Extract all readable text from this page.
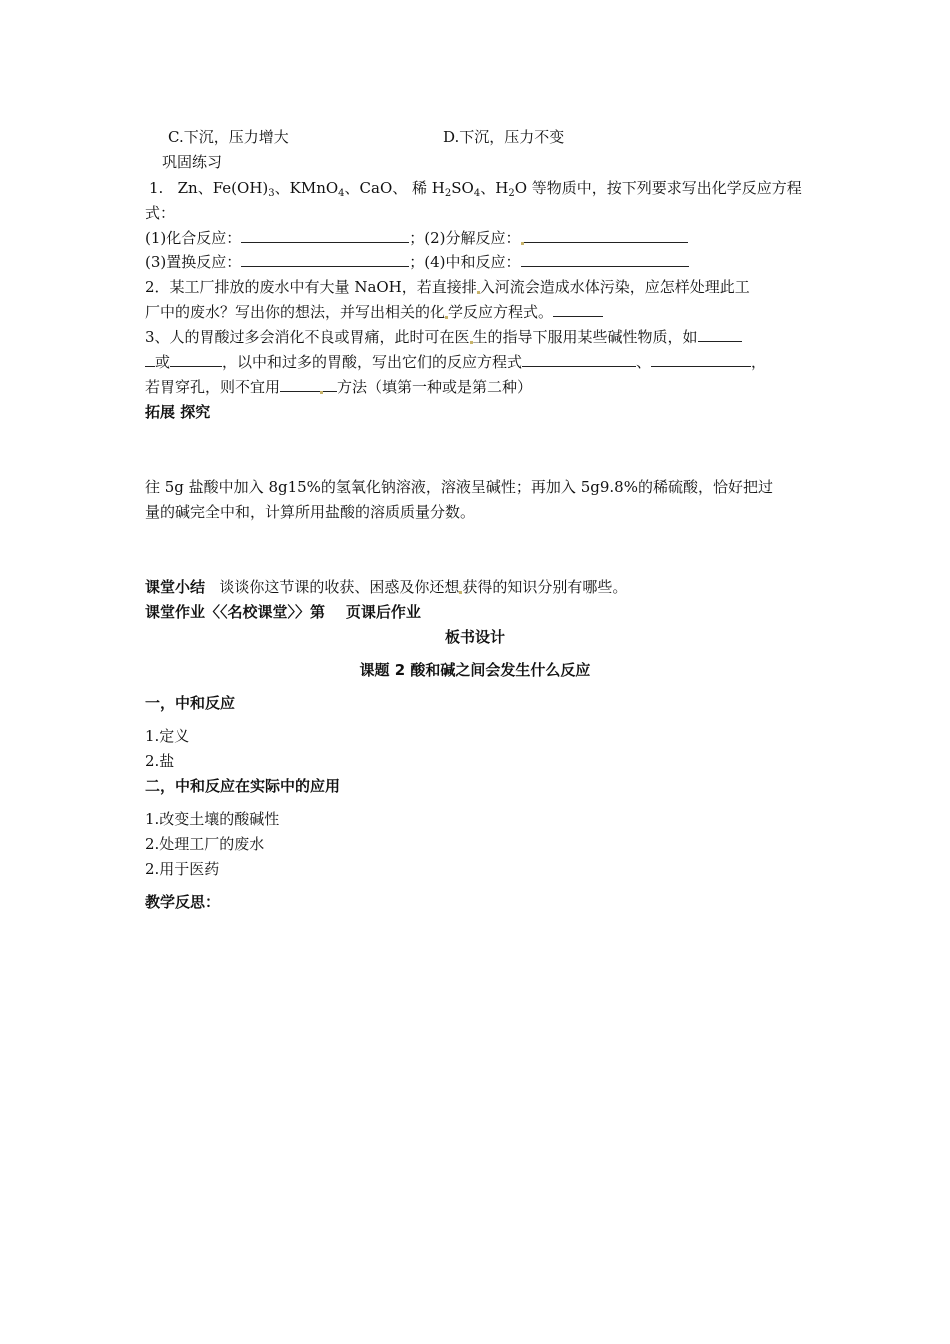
C.下沉，压力增大	D.下沉，压力不变
巩固练习
1. Zn、$Fe(OH)_3$、KMnO$_4$、CaO、 稀 $H_2SO_4$、$H_2O$ 等物质中，按下列要求写出化学反应方程
式：
(1)化合反应：	；(2)分解反应：
(3)置换反应：	；(4)中和反应：
2．某工厂排放的废水中有大量 NaOH，若直接排 入河流会造成水体污染，应怎样处理此工
厂中的废水？写出你的想法，并写出相关的化 学反应方程式。
3、人的胃酸过多会消化不良或胃痛，此时可在医 生的指导下服用某些碱性物质，如
或	，以中和过多的胃酸，写出它们的反应方程式	、	，
若胃穿孔，则不宜用	方法（填第一种或是第二种）
拓展 探究
往 5g 盐酸中加入 8g15%的氢氧化钠溶液，溶液呈碱性；再加入 5g9.8%的稀硫酸，恰好把过
量的碱完全中和，计算所用盐酸的溶质质量分数。
课堂小结 谈谈你这节课的收获、困惑及你还想 获得的知识分别有哪些。
课堂作业〈〈名校课堂〉〉第 页课后作业
板书设计
课题 2 酸和碱之间会发生什么反应
一，中和反应
1.定义
2.盐
二，中和反应在实际中的应用
1.改变土壤的酸碱性
2.处理工厂的废水
2.用于医药
教学反思：
